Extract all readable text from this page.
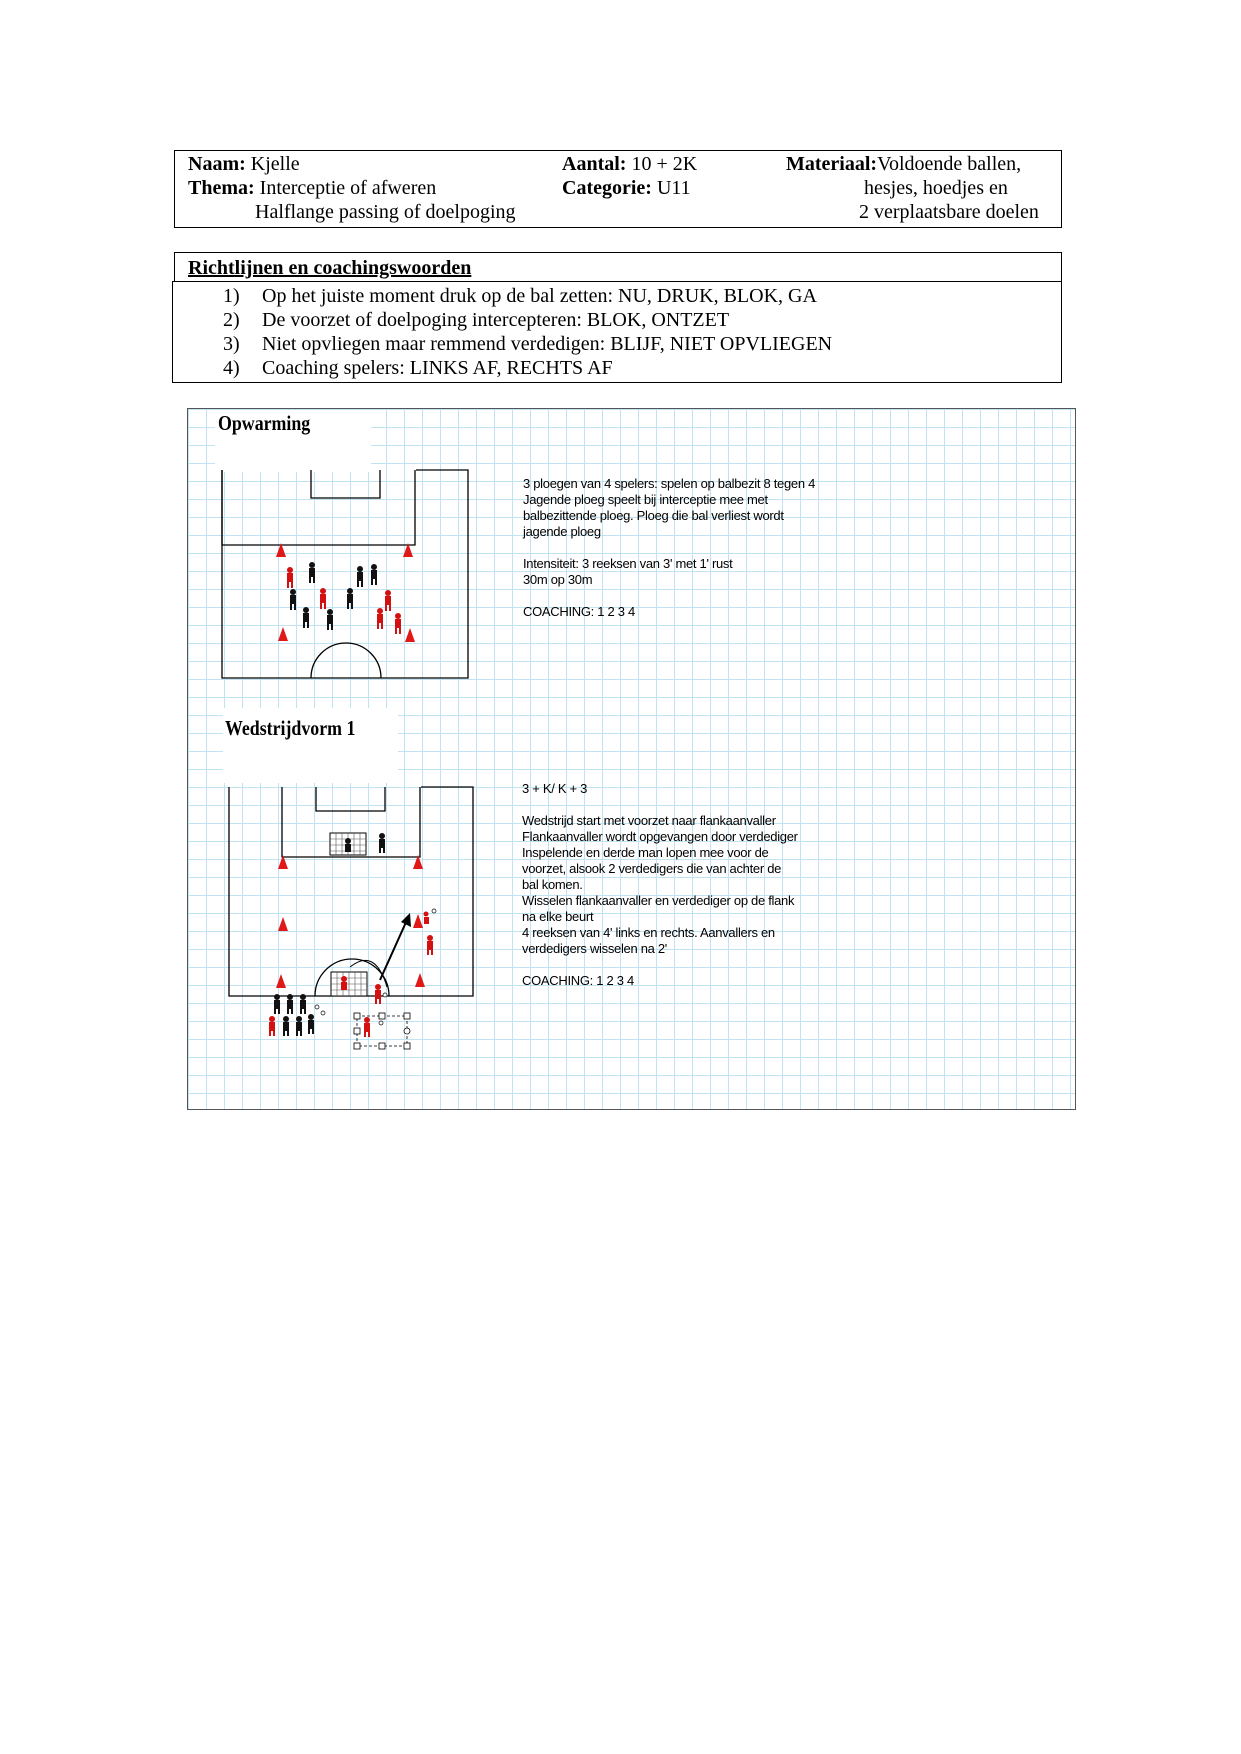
Naam: Kjelle
Thema: Interceptie of afweren
Halflange passing of doelpoging
Aantal: 10 + 2K
Categorie: U11
Materiaal:Voldoende ballen,
hesjes, hoedjes en
2 verplaatsbare doelen
Richtlijnen en coachingswoorden
1) Op het juiste moment druk op de bal zetten: NU, DRUK, BLOK, GA
2) De voorzet of doelpoging intercepteren: BLOK, ONTZET
3) Niet opvliegen maar remmend verdedigen: BLIJF, NIET OPVLIEGEN
4) Coaching spelers: LINKS AF, RECHTS AF
Opwarming
Wedstrijdvorm 1
3 ploegen van 4 spelers: spelen op balbezit 8 tegen 4
Jagende ploeg speelt bij interceptie mee met
balbezittende ploeg. Ploeg die bal verliest wordt
jagende ploeg
Intensiteit: 3 reeksen van 3' met 1' rust
30m op 30m
COACHING: 1 2 3 4
3 + K/ K + 3
Wedstrijd start met voorzet naar flankaanvaller
Flankaanvaller wordt opgevangen door verdediger
Inspelende en derde man lopen mee voor de
voorzet, alsook 2 verdedigers die van achter de
bal komen.
Wisselen flankaanvaller en verdediger op de flank
na elke beurt
4 reeksen van 4' links en rechts. Aanvallers en
verdedigers wisselen na 2'
COACHING: 1 2 3 4
